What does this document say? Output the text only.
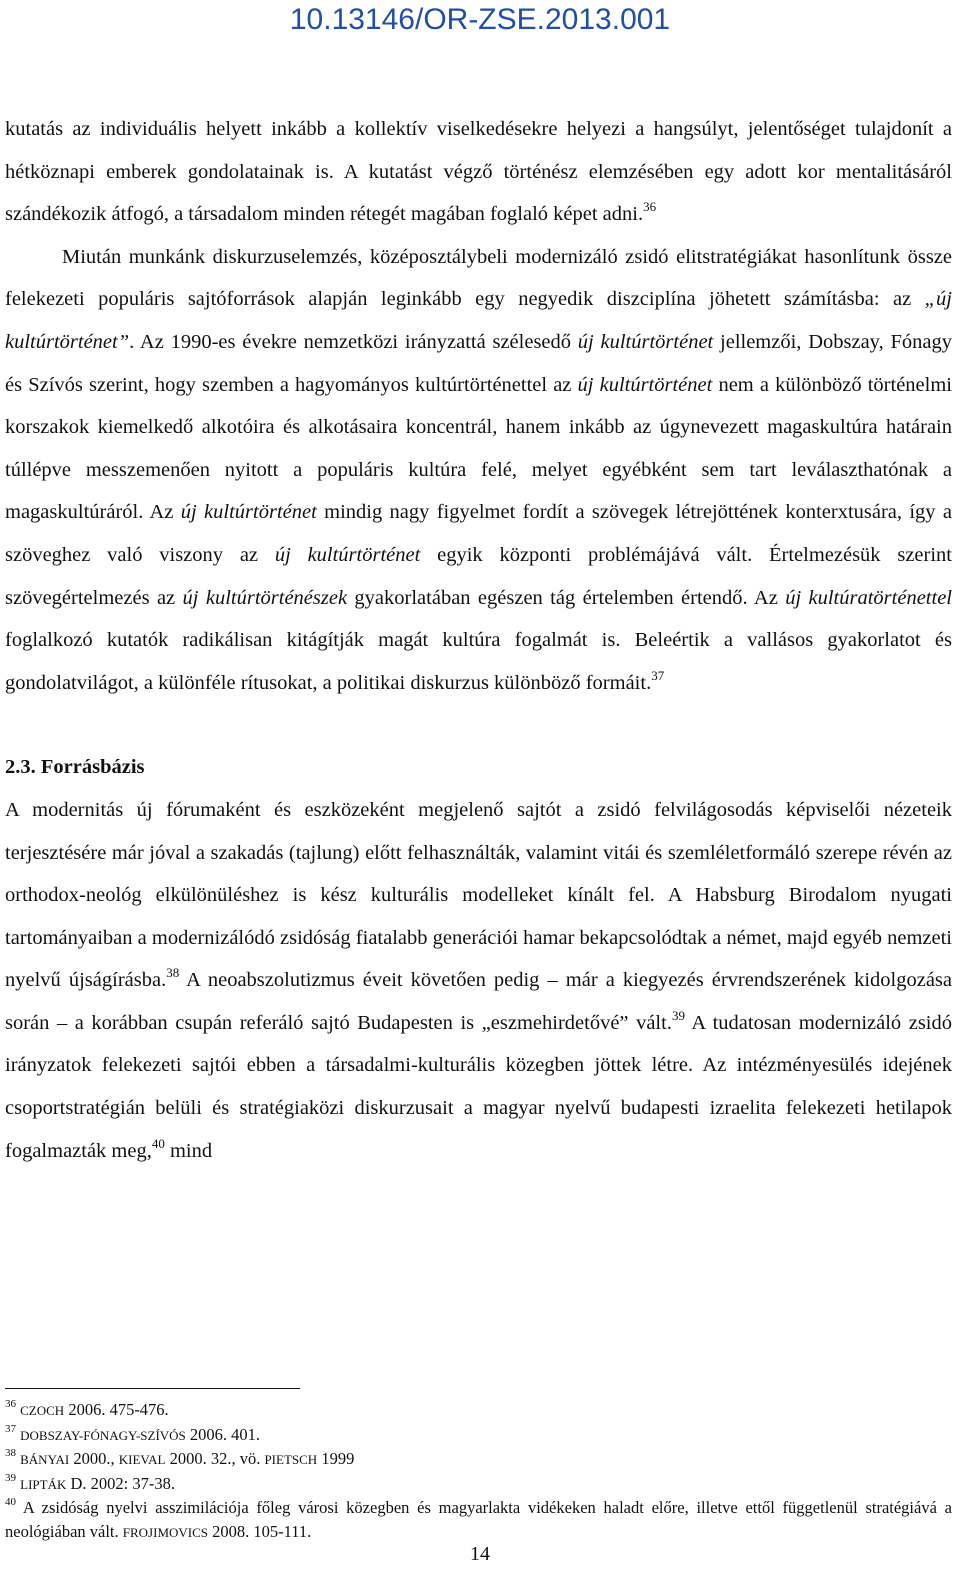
10.13146/OR-ZSE.2013.001

kutatás az individuális helyett inkább a kollektív viselkedésekre helyezi a hangsúlyt, jelentőséget tulajdonít a hétköznapi emberek gondolatainak is. A kutatást végző történész elemzésében egy adott kor mentalitásáról szándékozik átfogó, a társadalom minden rétegét magában foglaló képet adni.$^{36}$

Miután munkánk diskurzuselemzés, középosztálybeli modernizáló zsidó elitstratégiákat hasonlítunk össze felekezeti populáris sajtóforrások alapján leginkább egy negyedik diszciplína jöhetett számításba: az „új kultúrtörténet”. Az 1990-es évekre nemzetközi irányzattá szélesedő új kultúrtörténet jellemzői, Dobszay, Fónagy és Szívós szerint, hogy szemben a hagyományos kultúrtörténettel az új kultúrtörténet nem a különböző történelmi korszakok kiemelkedő alkotóira és alkotásaira koncentrál, hanem inkább az úgynevezett magaskultúra határain túllépve messzemenően nyitott a populáris kultúra felé, melyet egyébként sem tart leválaszthatónak a magaskultúráról. Az új kultúrtörténet mindig nagy figyelmet fordít a szövegek létrejöttének konterxtusára, így a szöveghez való viszony az új kultúrtörténet egyik központi problémájává vált. Értelmezésük szerint szövegértelmezés az új kultúrtörténészek gyakorlatában egészen tág értelemben értendő. Az új kultúratörténettel foglalkozó kutatók radikálisan kitágítják magát kultúra fogalmát is. Beleértik a vallásos gyakorlatot és gondolatvilágot, a különféle rítusokat, a politikai diskurzus különböző formáit.$^{37}$

2.3. Forrásbázis

A modernitás új fórumaként és eszközeként megjelenő sajtót a zsidó felvilágosodás képviselői nézeteik terjesztésére már jóval a szakadás (tajlung) előtt felhasználták, valamint vitái és szemléletformáló szerepe révén az orthodox-neológ elkülönüléshez is kész kulturális modelleket kínált fel. A Habsburg Birodalom nyugati tartományaiban a modernizálódó zsidóság fiatalabb generációi hamar bekapcsolódtak a német, majd egyéb nemzeti nyelvű újságírásba.$^{38}$ A neoabszolutizmus éveit követően pedig – már a kiegyezés érvrendszerének kidolgozása során – a korábban csupán referáló sajtó Budapesten is „eszmehirdetővé” vált.$^{39}$ A tudatosan modernizáló zsidó irányzatok felekezeti sajtói ebben a társadalmi-kulturális közegben jöttek létre. Az intézményesülés idejének csoportstratégián belüli és stratégiaközi diskurzusait a magyar nyelvű budapesti izraelita felekezeti hetilapok fogalmazták meg,$^{40}$ mind

$^{36}$ CZOCH 2006. 475-476.

$^{37}$ DOBSZAY-FÓNAGY-SZÍVÓS 2006. 401.

$^{38}$ BÁNYAI 2000., KIEVAL 2000. 32., vö. PIETSCH 1999

$^{39}$ LIPTÁK D. 2002: 37-38.

$^{40}$ A zsidóság nyelvi asszimilációja főleg városi közegben és magyarlakta vidékeken haladt előre, illetve ettől függetlenül stratégiává a neológiában vált. FROJIMOVICS 2008. 105-111.

14
